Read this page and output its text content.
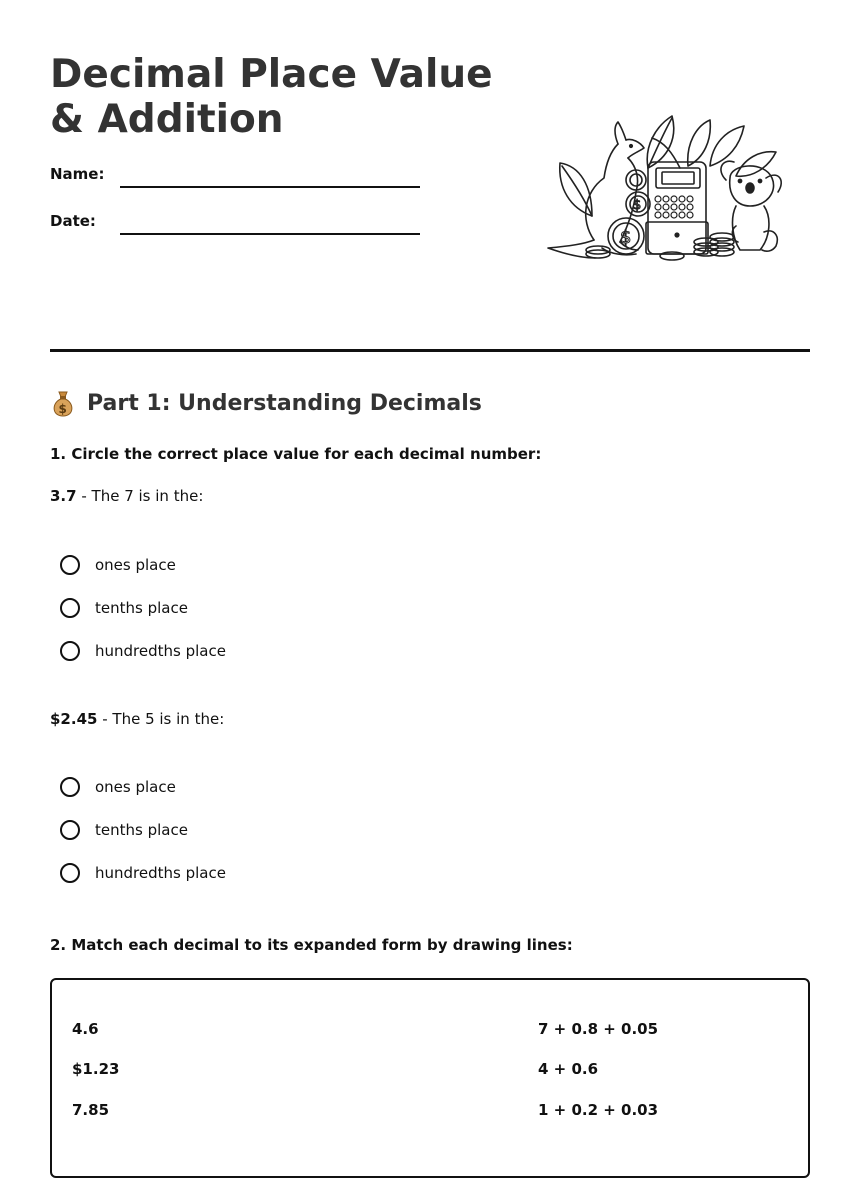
Decimal Place Value & Addition
Name:
Date:
$
$
$ Part 1: Understanding Decimals
1. Circle the correct place value for each decimal number:
3.7 - The 7 is in the:
ones place
tenths place
hundredths place
$2.45 - The 5 is in the:
ones place
tenths place
hundredths place
2. Match each decimal to its expanded form by drawing lines:
4.6
$1.23
7.85
7 + 0.8 + 0.05
4 + 0.6
1 + 0.2 + 0.03
